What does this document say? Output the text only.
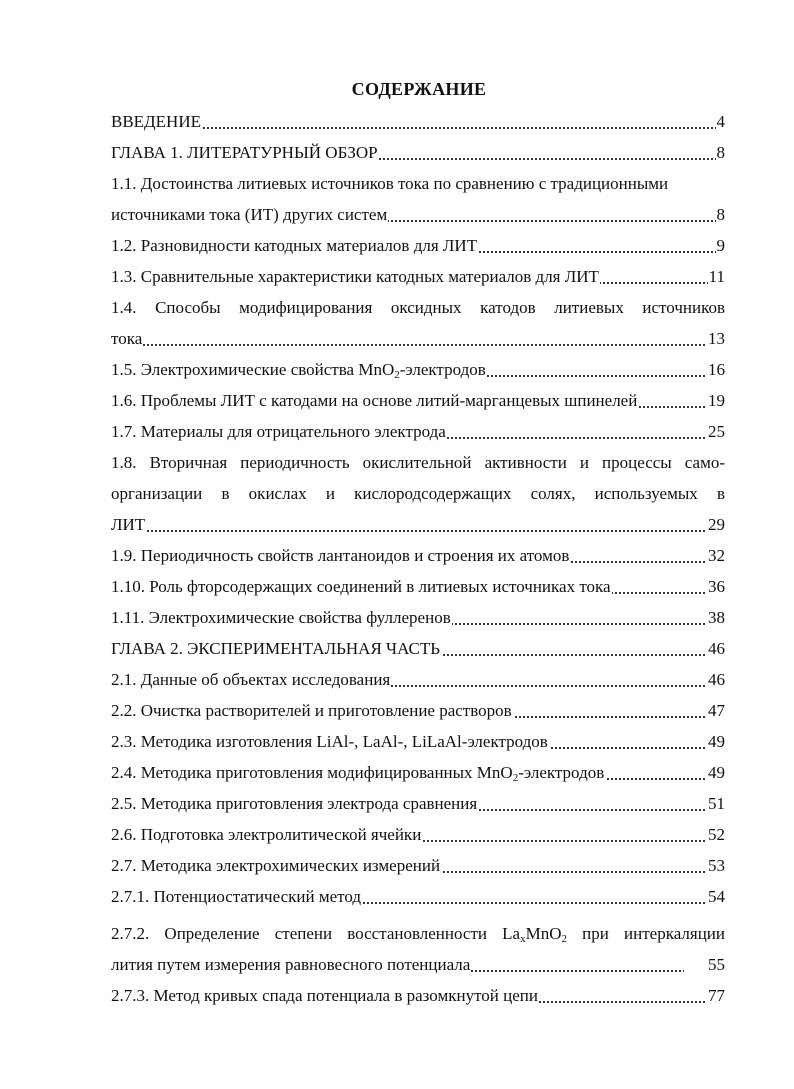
СОДЕРЖАНИЕ
ВВЕДЕНИЕ	4
ГЛАВА 1. ЛИТЕРАТУРНЫЙ ОБЗОР	8
1.1. Достоинства литиевых источников тока по сравнению с традиционными
источниками тока (ИТ) других систем	8
1.2. Разновидности катодных материалов для ЛИТ	9
1.3. Сравнительные характеристики катодных материалов для ЛИТ	11
1.4. Способы модифицирования оксидных катодов литиевых источников
тока	13
1.5. Электрохимические свойства MnO$_2$-электродов	16
1.6. Проблемы ЛИТ с катодами на основе литий-марганцевых шпинелей	19
1.7. Материалы для отрицательного электрода	25
1.8. Вторичная периодичность окислительной активности и процессы само-
организации в окислах и кислородсодержащих солях, используемых в
ЛИТ	29
1.9. Периодичность свойств лантаноидов и строения их атомов	32
1.10. Роль фторсодержащих соединений в литиевых источниках тока	36
1.11. Электрохимические свойства фуллеренов	38
ГЛАВА 2. ЭКСПЕРИМЕНТАЛЬНАЯ ЧАСТЬ	46
2.1. Данные об объектах исследования	46
2.2. Очистка растворителей и приготовление растворов	47
2.3. Методика изготовления LiAl-, LaAl-, LiLaAl-электродов	49
2.4. Методика приготовления модифицированных MnO$_2$-электродов	49
2.5. Методика приготовления электрода сравнения	51
2.6. Подготовка электролитической ячейки	52
2.7. Методика электрохимических измерений	53
2.7.1. Потенциостатический метод	54
2.7.2. Определение степени восстановленности $La_xMnO_2$ при интеркаляции
лития путем измерения равновесного потенциала	55
2.7.3. Метод кривых спада потенциала в разомкнутой цепи	77
